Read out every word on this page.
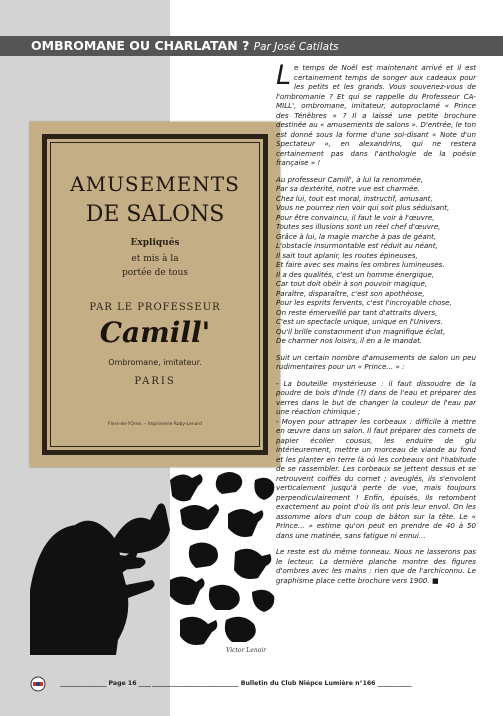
OMBROMANE OU CHARLATAN ? Par José Catilats
AMUSEMENTS
DE SALONS
Expliqués
et mis à la
portée de tous
PAR LE PROFESSEUR
Camill'
Ombromane, imitateur.
PARIS
Flers-de-l'Orne. – Imprimerie Roby-Lenard
Victor Lenoir

Le temps de Noël est maintenant arrivé et il est certainement temps de songer aux cadeaux pour les petits et les grands. Vous souvenez-vous de l'ombromanie ? Et qui se rappelle du Professeur CA-MILL', ombromane, imitateur, autoproclamé « Prince des Ténèbres » ? Il a laissé une petite brochure destinée au « amusements de salons ». D'entrée, le ton est donné sous la forme d'une soi-disant « Note d'un Spectateur », en alexandrins, qui ne restera certainement pas dans l'anthologie de la poésie française » !

Au professeur Camill', à lui la renommée,
Par sa dextérité, notre vue est charmée.
Chez lui, tout est moral, instructif, amusant,
Vous ne pourrez rien voir qui soit plus séduisant,
Pour être convaincu, il faut le voir à l'œuvre,
Toutes ses illusions sont un réel chef d'œuvre,
Grâce à lui, la magie marche à pas de géant,
L'obstacle insurmontable est réduit au néant,
Il sait tout aplanir, les routes épineuses,
Et faire avec ses mains les ombres lumineuses.
Il a des qualités, c'est un homme énergique,
Car tout doit obéir à son pouvoir magique,
Paraître, disparaître, c'est son apothéose,
Pour les esprits fervents, c'est l'incroyable chose,
On reste émerveillé par tant d'attraits divers,
C'est un spectacle unique, unique en l'Univers.
Qu'il brille constamment d'un magnifique éclat,
De charmer nos loisirs, il en a le mandat.

Suit un certain nombre d'amusements de salon un peu rudimentaires pour un « Prince... » :

- La bouteille mystérieuse : il faut dissoudre de la poudre de bois d'Inde (?) dans de l'eau et préparer des verres dans le but de changer la couleur de l'eau par une réaction chimique ;

- Moyen pour attraper les corbeaux : difficile à mettre en œuvre dans un salon. Il faut préparer des cornets de papier écolier cousus, les enduire de glu intérieurement, mettre un morceau de viande au fond et les planter en terre là où les corbeaux ont l'habitude de se rassembler. Les corbeaux se jettent dessus et se retrouvent coiffés du cornet ; aveuglés, ils s'envolent verticalement jusqu'à perte de vue, mais toujours perpendiculairement ! Enfin, épuisés, ils retombent exactement au point d'où ils ont pris leur envol. On les assomme alors d'un coup de bâton sur la tête. Le « Prince... » estime qu'on peut en prendre de 40 à 50 dans une matinée, sans fatigue ni ennui...

Le reste est du même tonneau. Nous ne lasserons pas le lecteur. La dernière planche montre des figures d'ombres avec les mains : rien que de l'archiconnu. Le graphisme place cette brochure vers 1900. ■

_______________ Page 16 ____ ____________________________ Bulletin du Club Niépce Lumière n°166 ___________
